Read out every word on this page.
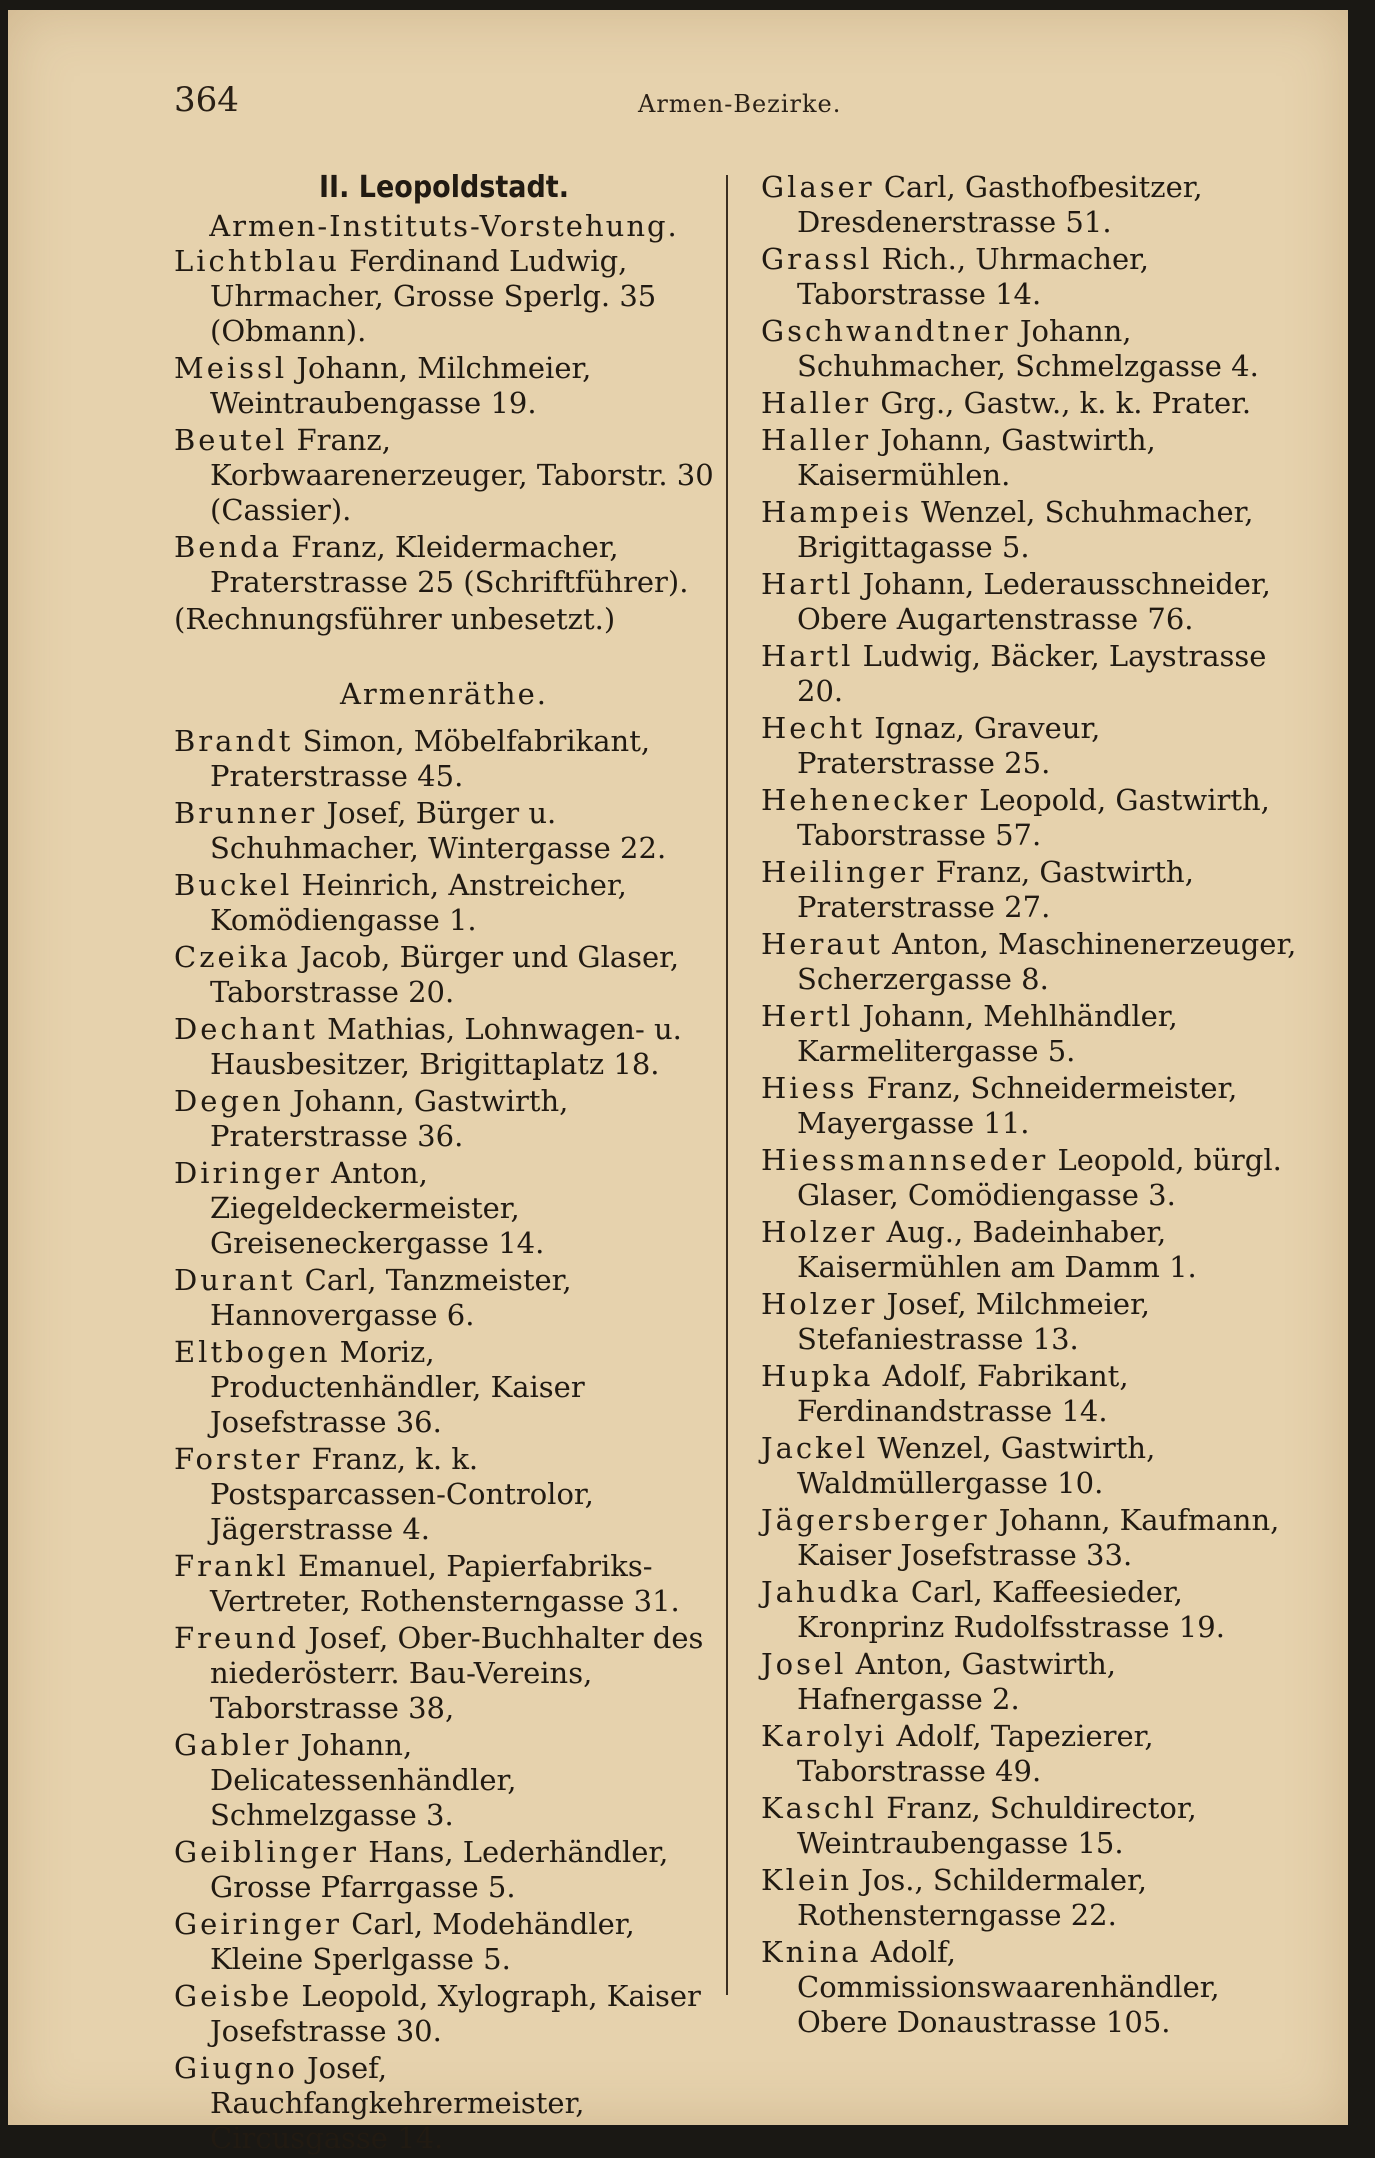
364	Armen-Bezirke.
II. Leopoldstadt.
Armen-Instituts-Vorstehung.
Lichtblau Ferdinand Ludwig, Uhrmacher, Grosse Sperlg. 35 (Obmann).
Meissl Johann, Milchmeier, Weintraubengasse 19.
Beutel Franz, Korbwaarenerzeuger, Taborstr. 30 (Cassier).
Benda Franz, Kleidermacher, Praterstrasse 25 (Schriftführer).
(Rechnungsführer unbesetzt.)
Armenräthe.
Brandt Simon, Möbelfabrikant, Praterstrasse 45.
Brunner Josef, Bürger u. Schuhmacher, Wintergasse 22.
Buckel Heinrich, Anstreicher, Komödiengasse 1.
Czeika Jacob, Bürger und Glaser, Taborstrasse 20.
Dechant Mathias, Lohnwagen- u. Hausbesitzer, Brigittaplatz 18.
Degen Johann, Gastwirth, Praterstrasse 36.
Diringer Anton, Ziegeldeckermeister, Greiseneckergasse 14.
Durant Carl, Tanzmeister, Hannovergasse 6.
Eltbogen Moriz, Productenhändler, Kaiser Josefstrasse 36.
Forster Franz, k. k. Postsparcassen-Controlor, Jägerstrasse 4.
Frankl Emanuel, Papierfabriks-Vertreter, Rothensterngasse 31.
Freund Josef, Ober-Buchhalter des niederösterr. Bau-Vereins, Taborstrasse 38,
Gabler Johann, Delicatessenhändler, Schmelzgasse 3.
Geiblinger Hans, Lederhändler, Grosse Pfarrgasse 5.
Geiringer Carl, Modehändler, Kleine Sperlgasse 5.
Geisbe Leopold, Xylograph, Kaiser Josefstrasse 30.
Giugno Josef, Rauchfangkehrermeister, Circusgasse 14.
Glaser Carl, Gasthofbesitzer, Dresdenerstrasse 51.
Grassl Rich., Uhrmacher, Taborstrasse 14.
Gschwandtner Johann, Schuhmacher, Schmelzgasse 4.
Haller Grg., Gastw., k. k. Prater.
Haller Johann, Gastwirth, Kaisermühlen.
Hampeis Wenzel, Schuhmacher, Brigittagasse 5.
Hartl Johann, Lederausschneider, Obere Augartenstrasse 76.
Hartl Ludwig, Bäcker, Laystrasse 20.
Hecht Ignaz, Graveur, Praterstrasse 25.
Hehenecker Leopold, Gastwirth, Taborstrasse 57.
Heilinger Franz, Gastwirth, Praterstrasse 27.
Heraut Anton, Maschinenerzeuger, Scherzergasse 8.
Hertl Johann, Mehlhändler, Karmelitergasse 5.
Hiess Franz, Schneidermeister, Mayergasse 11.
Hiessmannseder Leopold, bürgl. Glaser, Comödiengasse 3.
Holzer Aug., Badeinhaber, Kaisermühlen am Damm 1.
Holzer Josef, Milchmeier, Stefaniestrasse 13.
Hupka Adolf, Fabrikant, Ferdinandstrasse 14.
Jackel Wenzel, Gastwirth, Waldmüllergasse 10.
Jägersberger Johann, Kaufmann, Kaiser Josefstrasse 33.
Jahudka Carl, Kaffeesieder, Kronprinz Rudolfsstrasse 19.
Josel Anton, Gastwirth, Hafnergasse 2.
Karolyi Adolf, Tapezierer, Taborstrasse 49.
Kaschl Franz, Schuldirector, Weintraubengasse 15.
Klein Jos., Schildermaler, Rothensterngasse 22.
Knina Adolf, Commissionswaarenhändler, Obere Donaustrasse 105.
